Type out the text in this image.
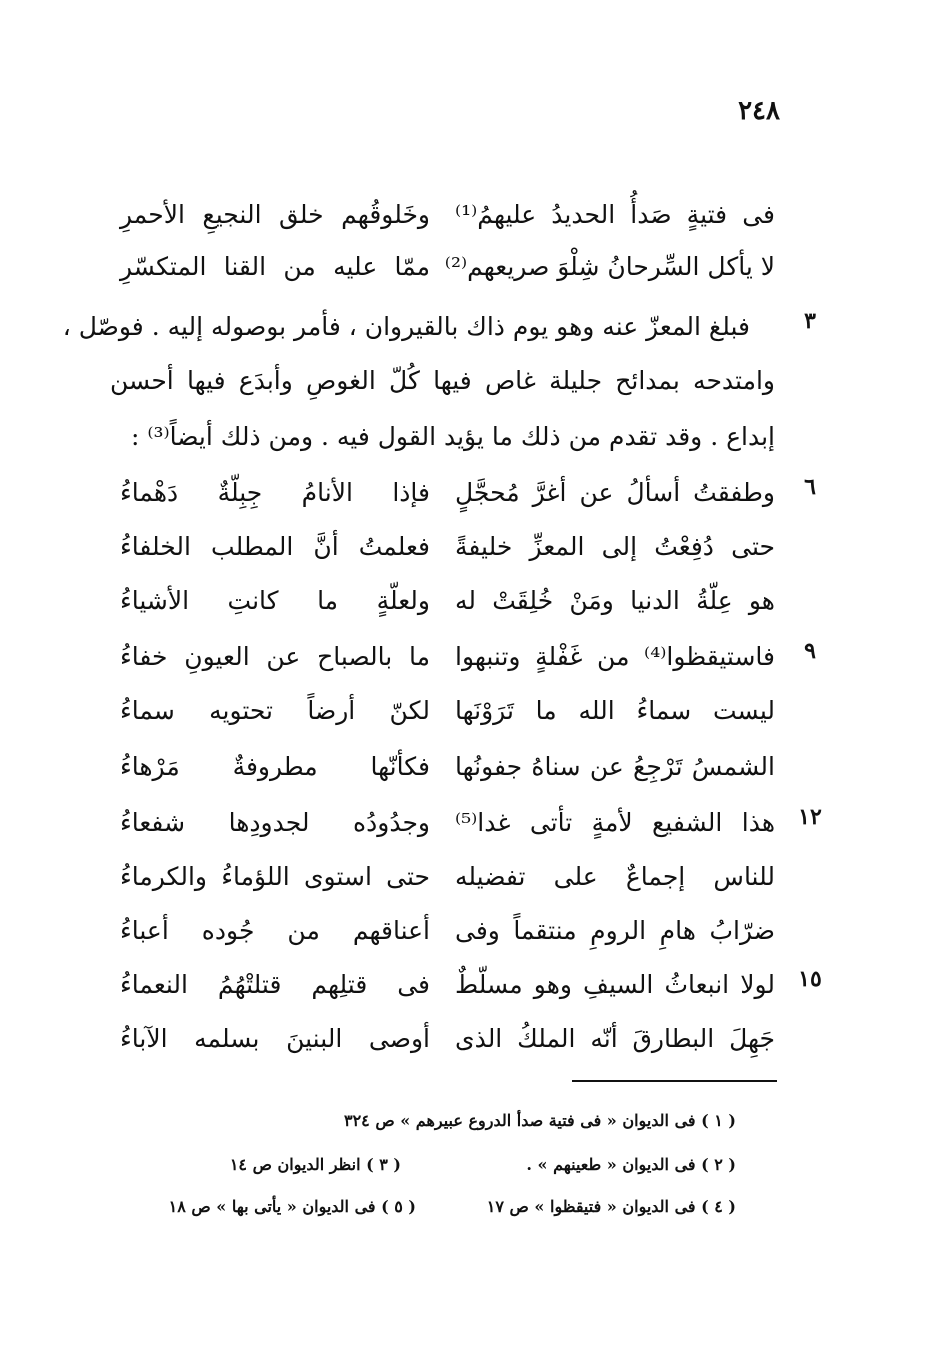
٢٤٨
فى فتيةٍ صَدأُ الحديدُ عليهمُ⁽¹⁾
وخَلوقُهم خلق النجيعِ الأحمرِ
لا يأكل السِّرحانُ شِلْوَ صريعهم⁽²⁾
ممّا عليه من القنا المتكسّرِ
٣
فبلغ المعزّ عنه وهو يوم ذاك بالقيروان ، فأمر بوصوله إليه . فوصّل ،
وامتدحه بمدائح جليلة غاص فيها كُلّ الغوصِ وأبدَع فيها أحسن
إبداع . وقد تقدم من ذلك ما يؤيد القول فيه . ومن ذلك أيضاً⁽³⁾ :
٦
وطفقتُ أسألُ عن أغرَّ مُحجَّلٍ
فإذا الأنامُ جِبِلّةٌ دَهْماءُ
حتى دُفِعْتُ إلى المعزِّ خليفةً
فعلمتُ أنَّ المطلب الخلفاءُ
هو عِلّةُ الدنيا ومَنْ خُلِقَتْ له
ولعلّةٍ ما كانتِ الأشياءُ
٩
فاستيقظوا⁽⁴⁾ من غَفْلةٍ وتنبهوا
ما بالصباح عن العيونِ خفاءُ
ليست سماءُ الله ما تَرَوْنَها
لكنّ أرضاً تحتويه سماءُ
الشمسُ تَرْجِعُ عن سناهُ جفونُها
فكأنّها مطروفةٌ مَرْهاءُ
١٢
هذا الشفيع لأمةٍ تأتى غدا⁽⁵⁾
وجدُودُه لجدودِها شفعاءُ
للناس إجماعٌ على تفضيله
حتى استوى اللؤماءُ والكرماءُ
ضرّابُ هامِ الرومِ منتقماً وفى
أعناقهم من جُوده أعباءُ
١٥
لولا انبعاثُ السيفِ وهو مسلّطٌ
فى قتلِهم قتلتْهُمُ النعماءُ
جَهِلَ البطارقَ أنّه الملكُ الذى
أوصى البنينَ بسلمه الآباءُ
( ١ ) فى الديوان « فى فتية صدأ الدروع عبيرهم » ص ٣٢٤
( ٢ ) فى الديوان « طعينهم » .
( ٣ ) انظر الديوان ص ١٤
( ٤ ) فى الديوان « فتيقظوا » ص ١٧
( ٥ ) فى الديوان « يأتى بها » ص ١٨
